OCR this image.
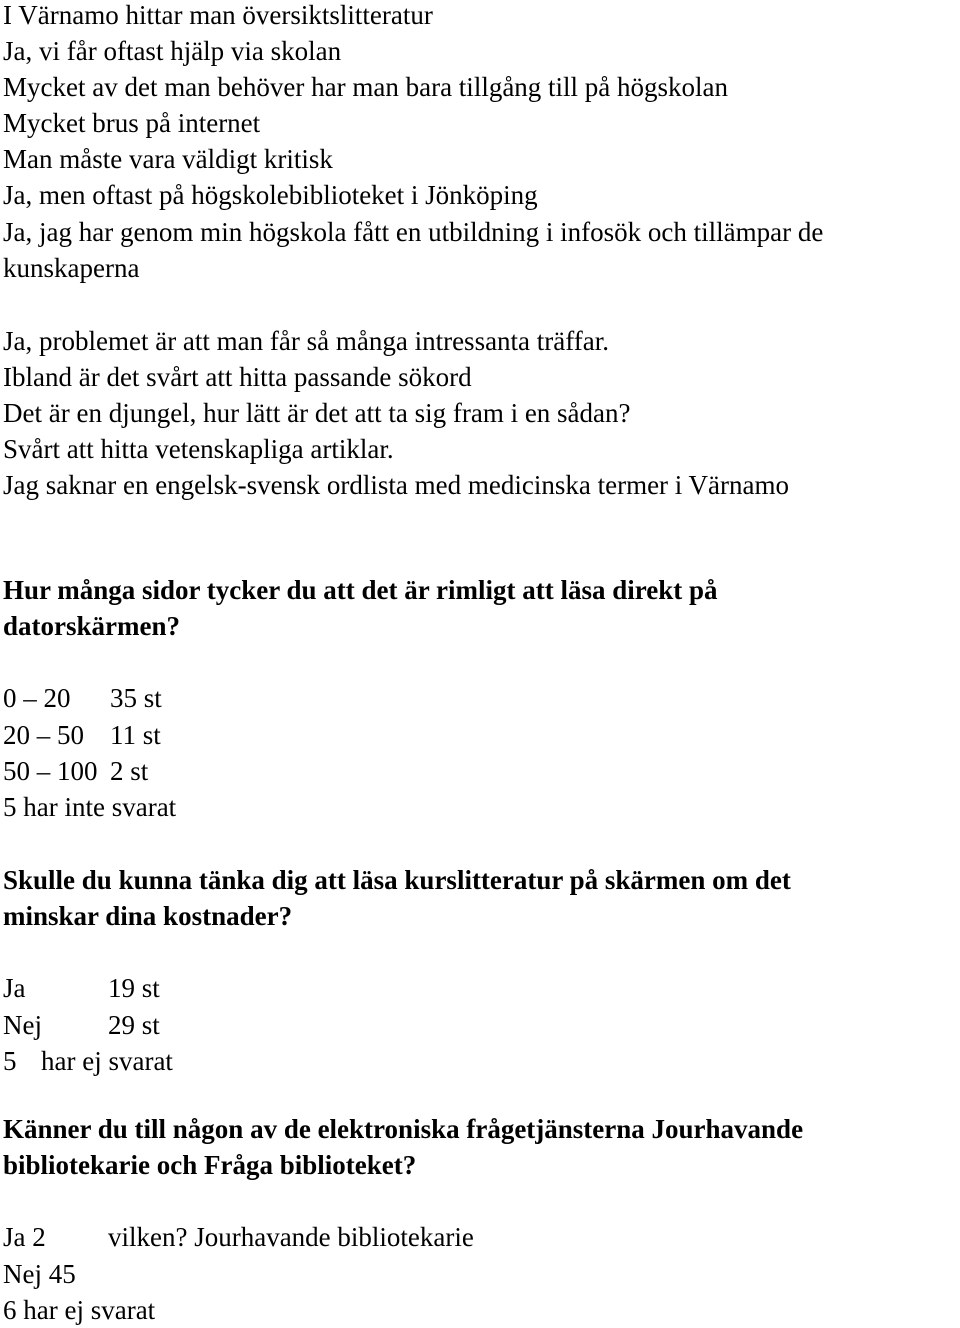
I Värnamo hittar man översiktslitteratur
Ja, vi får oftast hjälp via skolan
Mycket av det man behöver har man bara tillgång till på högskolan
Mycket brus på internet
Man måste vara väldigt kritisk
Ja, men oftast på högskolebiblioteket i Jönköping
Ja, jag har genom min högskola fått en utbildning i infosök och tillämpar de
kunskaperna
Ja, problemet är att man får så många intressanta träffar.
Ibland är det svårt att hitta passande sökord
Det är en djungel, hur lätt är det att ta sig fram i en sådan?
Svårt att hitta vetenskapliga artiklar.
Jag saknar en engelsk-svensk ordlista med medicinska termer i Värnamo
Hur många sidor tycker du att det är rimligt att läsa direkt på
datorskärmen?
0 – 20 35 st
20 – 50 11 st
50 – 100 2 st
5 har inte svarat
Skulle du kunna tänka dig att läsa kurslitteratur på skärmen om det
minskar dina kostnader?
Ja	19 st
Nej 29 st
5 har ej svarat
Känner du till någon av de elektroniska frågetjänsterna Jourhavande
bibliotekarie och Fråga biblioteket?
Ja 2 vilken? Jourhavande bibliotekarie
Nej 45
6 har ej svarat
